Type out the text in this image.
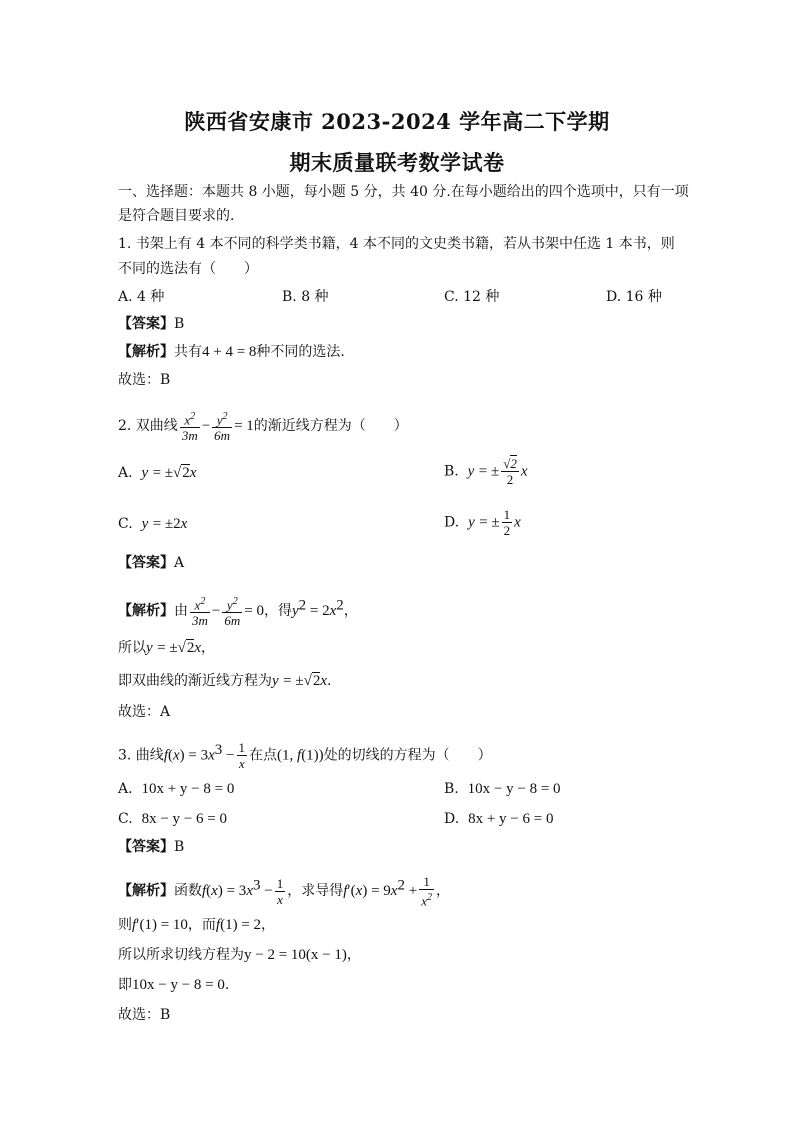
陕西省安康市 2023-2024 学年高二下学期
期末质量联考数学试卷
一、选择题：本题共 8 小题，每小题 5 分，共 40 分.在每小题给出的四个选项中，只有一项
是符合题目要求的.
1. 书架上有 4 本不同的科学类书籍，4 本不同的文史类书籍，若从书架中任选 1 本书，则
不同的选法有（　　）
A. 4 种	B. 8 种	C. 12 种	D. 16 种
【答案】B
【解析】共有4 + 4 = 8种不同的选法.
故选：B
2. 双曲线 $\frac{x^2}{3m} - \frac{y^2}{6m} = 1$的渐近线方程为（　　）
A. y = ±√2x	B. y = ± $\frac{√2}{2}$ x
C. y = ±2x	D. y = ± $\frac{1}{2}$ x
【答案】A
【解析】由 $\frac{x^2}{3m} - \frac{y^2}{6m} = 0$，得$y^2 = 2x^2$，
所以y = ±√2x，
即双曲线的渐近线方程为y = ±√2x.
故选：A
3. 曲线$f(x) = 3x^3 - \frac{1}{x}$ 在点(1, f(1))处的切线的方程为（　　）
A. 10x + y − 8 = 0	B. 10x − y − 8 = 0
C. 8x − y − 6 = 0	D. 8x + y − 6 = 0
【答案】B
【解析】函数$f(x) = 3x^3 - \frac{1}{x}$ ，求导得$f'(x) = 9x^2 + \frac{1}{x^2}$ ，
则f′(1) = 10，而f(1) = 2，
所以所求切线方程为y − 2 = 10(x − 1)，
即10x − y − 8 = 0.
故选：B
